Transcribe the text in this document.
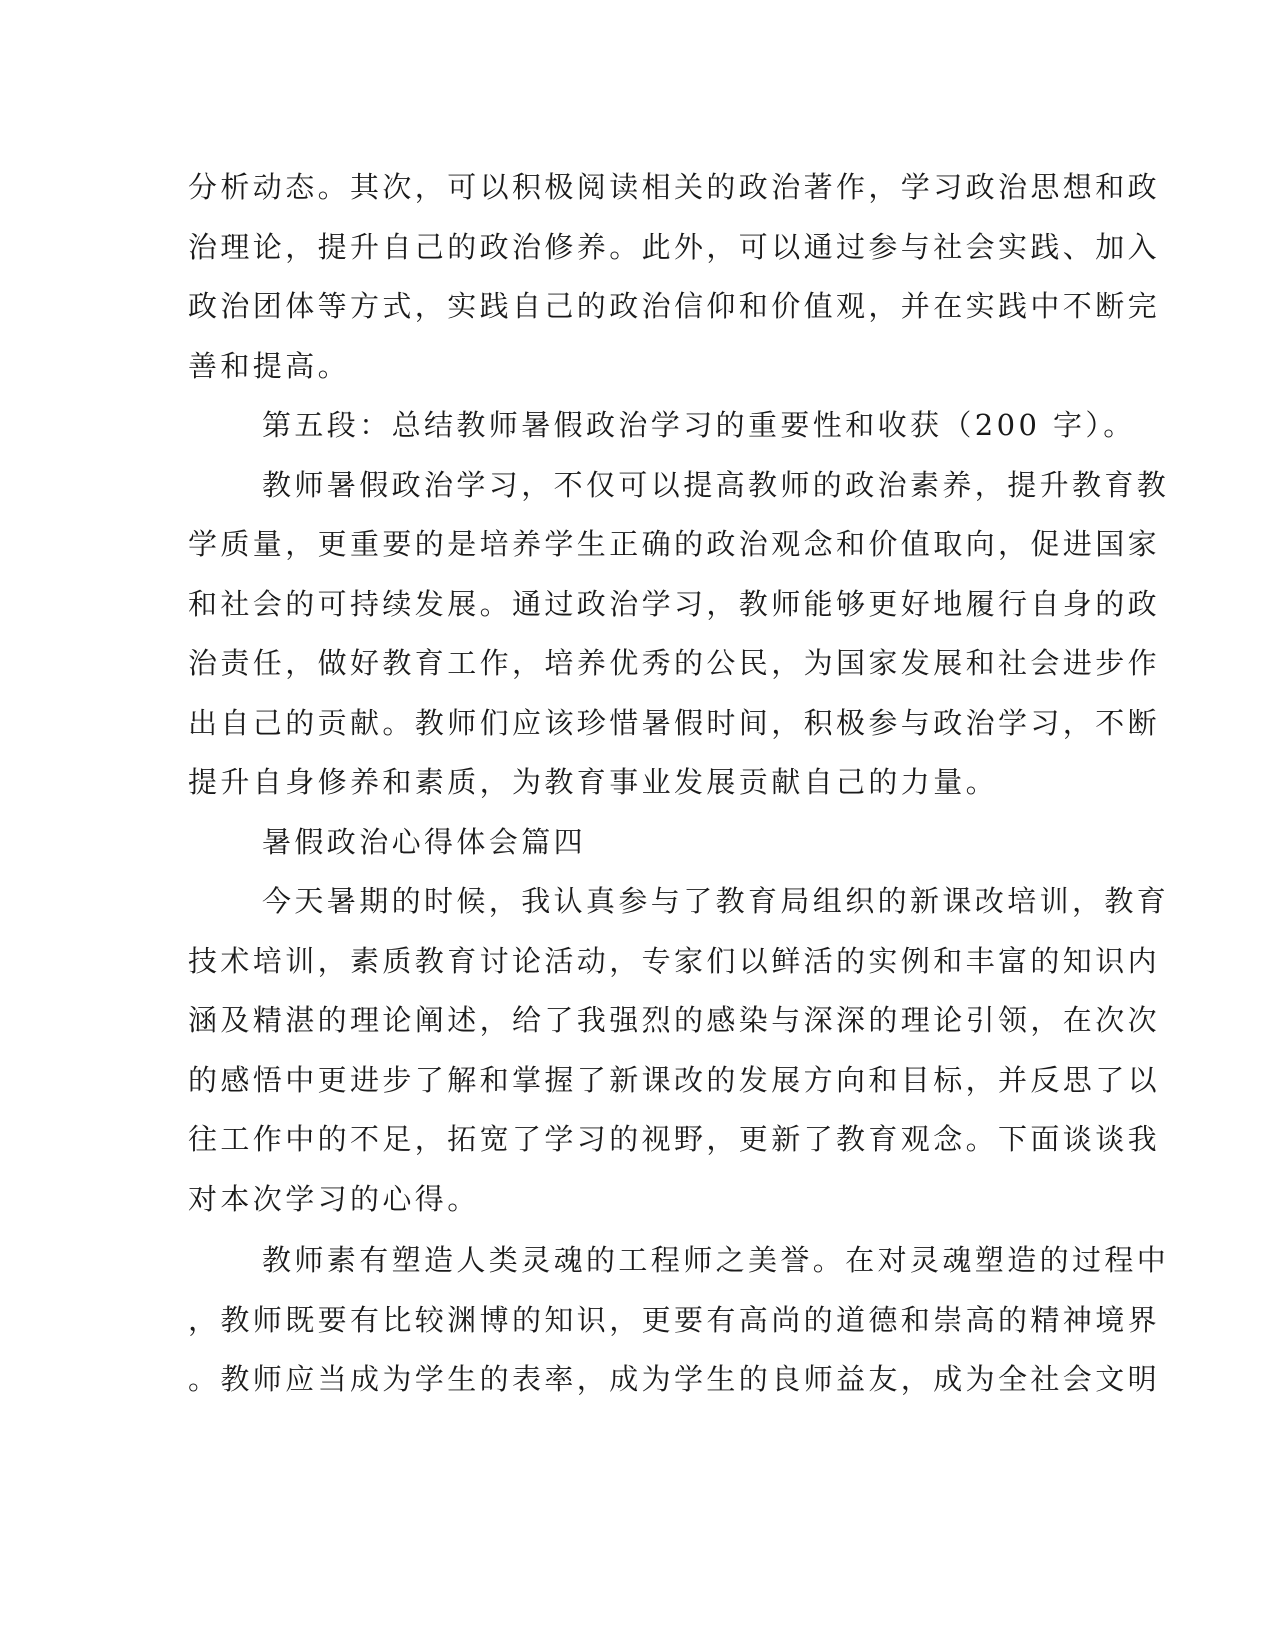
分析动态。其次，可以积极阅读相关的政治著作，学习政治思想和政
治理论，提升自己的政治修养。此外，可以通过参与社会实践、加入
政治团体等方式，实践自己的政治信仰和价值观，并在实践中不断完
善和提高。
第五段：总结教师暑假政治学习的重要性和收获（200 字）。
教师暑假政治学习，不仅可以提高教师的政治素养，提升教育教
学质量，更重要的是培养学生正确的政治观念和价值取向，促进国家
和社会的可持续发展。通过政治学习，教师能够更好地履行自身的政
治责任，做好教育工作，培养优秀的公民，为国家发展和社会进步作
出自己的贡献。教师们应该珍惜暑假时间，积极参与政治学习，不断
提升自身修养和素质，为教育事业发展贡献自己的力量。
暑假政治心得体会篇四
今天暑期的时候，我认真参与了教育局组织的新课改培训，教育
技术培训，素质教育讨论活动，专家们以鲜活的实例和丰富的知识内
涵及精湛的理论阐述，给了我强烈的感染与深深的理论引领，在次次
的感悟中更进步了解和掌握了新课改的发展方向和目标，并反思了以
往工作中的不足，拓宽了学习的视野，更新了教育观念。下面谈谈我
对本次学习的心得。
教师素有塑造人类灵魂的工程师之美誉。在对灵魂塑造的过程中
，教师既要有比较渊博的知识，更要有高尚的道德和崇高的精神境界
。教师应当成为学生的表率，成为学生的良师益友，成为全社会文明
